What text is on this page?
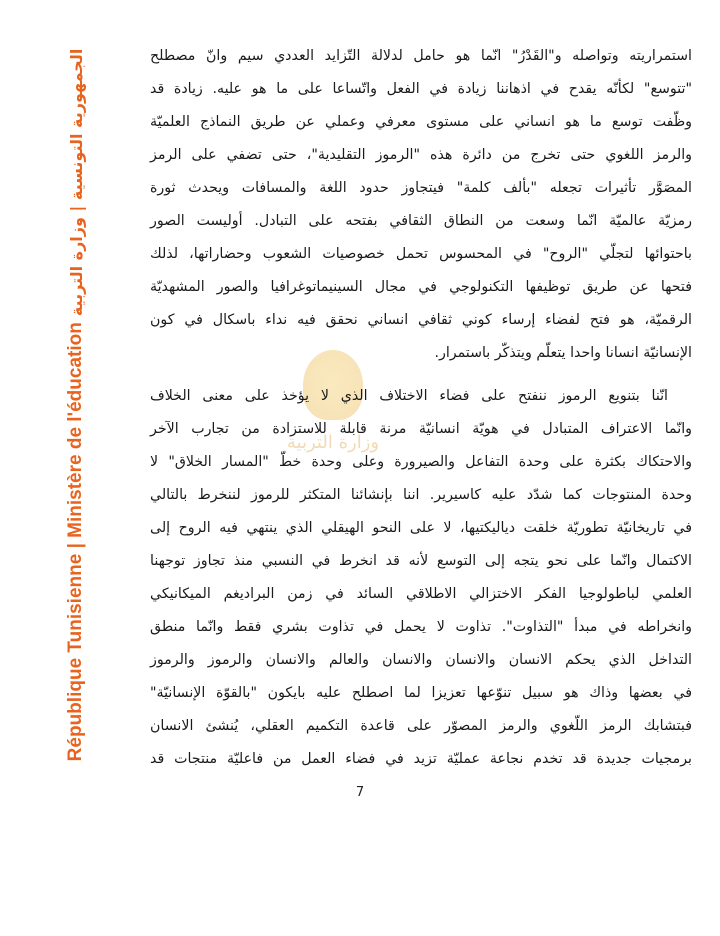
République Tunisienne | Ministère de l'éducation
الجمهورية التونسية | وزارة التربية
وزارة التربية
استمراريته وتواصله و"القَدْرُ" انّما هو حامل لدلالة التّزايد العددي سيم وانّ مصطلح
"تتوسع" لكأنّه يقدح في اذهاننا زيادة في الفعل واتّساعا على ما هو عليه. زيادة قد
وظّفت توسع ما هو انساني على مستوى معرفي وعملي عن طريق النماذج العلميّة
والرمز اللغوي حتى تخرج من دائرة هذه "الرموز التقليدية"، حتى تضفي على الرمز
المصَوَّر تأثيرات تجعله "بألف كلمة" فيتجاوز حدود اللغة والمسافات ويحدث ثورة
رمزيّة عالميّة انّما وسعت من النطاق الثقافي بفتحه على التبادل. أوليست الصور
باحتوائها لتجلّي "الروح" في المحسوس تحمل خصوصيات الشعوب وحضاراتها، لذلك
فتحها عن طريق توظيفها التكنولوجي في مجال السينيماتوغرافيا والصور المشهديّة
الرقميّة، هو فتح لفضاء إرساء كوني ثقافي انساني نحقق فيه نداء باسكال في كون
الإنسانيّة انسانا واحدا يتعلّم ويتذكّر باستمرار.
انّنا بتنويع الرموز ننفتح على فضاء الاختلاف الذي لا يؤخذ على معنى الخلاف
وانّما الاعتراف المتبادل في هويّة انسانيّة مرنة قابلة للاستزادة من تجارب الآخر
والاحتكاك بكثرة على وحدة التفاعل والصيرورة وعلى وحدة خطّ "المسار الخلاق" لا
وحدة المنتوجات كما شدّد عليه كاسيرير. اننا بإنشائنا المتكثر للرموز لننخرط بالتالي
في تاريخانيّة تطوريّة خلقت دياليكتيها، لا على النحو الهيقلي الذي ينتهي فيه الروح إلى
الاكتمال وانّما على نحو يتجه إلى التوسع لأنه قد انخرط في النسبي منذ تجاوز توجهنا
العلمي لباطولوجيا الفكر الاختزالي الاطلاقي السائد في زمن البراديغم الميكانيكي
وانخراطه في مبدأ "التذاوت". تذاوت لا يحمل في تذاوت بشري فقط وانّما منطق
التداخل الذي يحكم الانسان والانسان والانسان والعالم والانسان والرموز والرموز
في بعضها وذاك هو سبيل تنوّعها تعزيزا لما اصطلح عليه بايكون "بالقوّة الإنسانيّة"
فبتشابك الرمز اللّغوي والرمز المصوّر على قاعدة التكميم العقلي، يُنشئ الانسان
برمجيات جديدة قد تخدم نجاعة عمليّة تزيد في فضاء العمل من فاعليّة منتجات قد
7
